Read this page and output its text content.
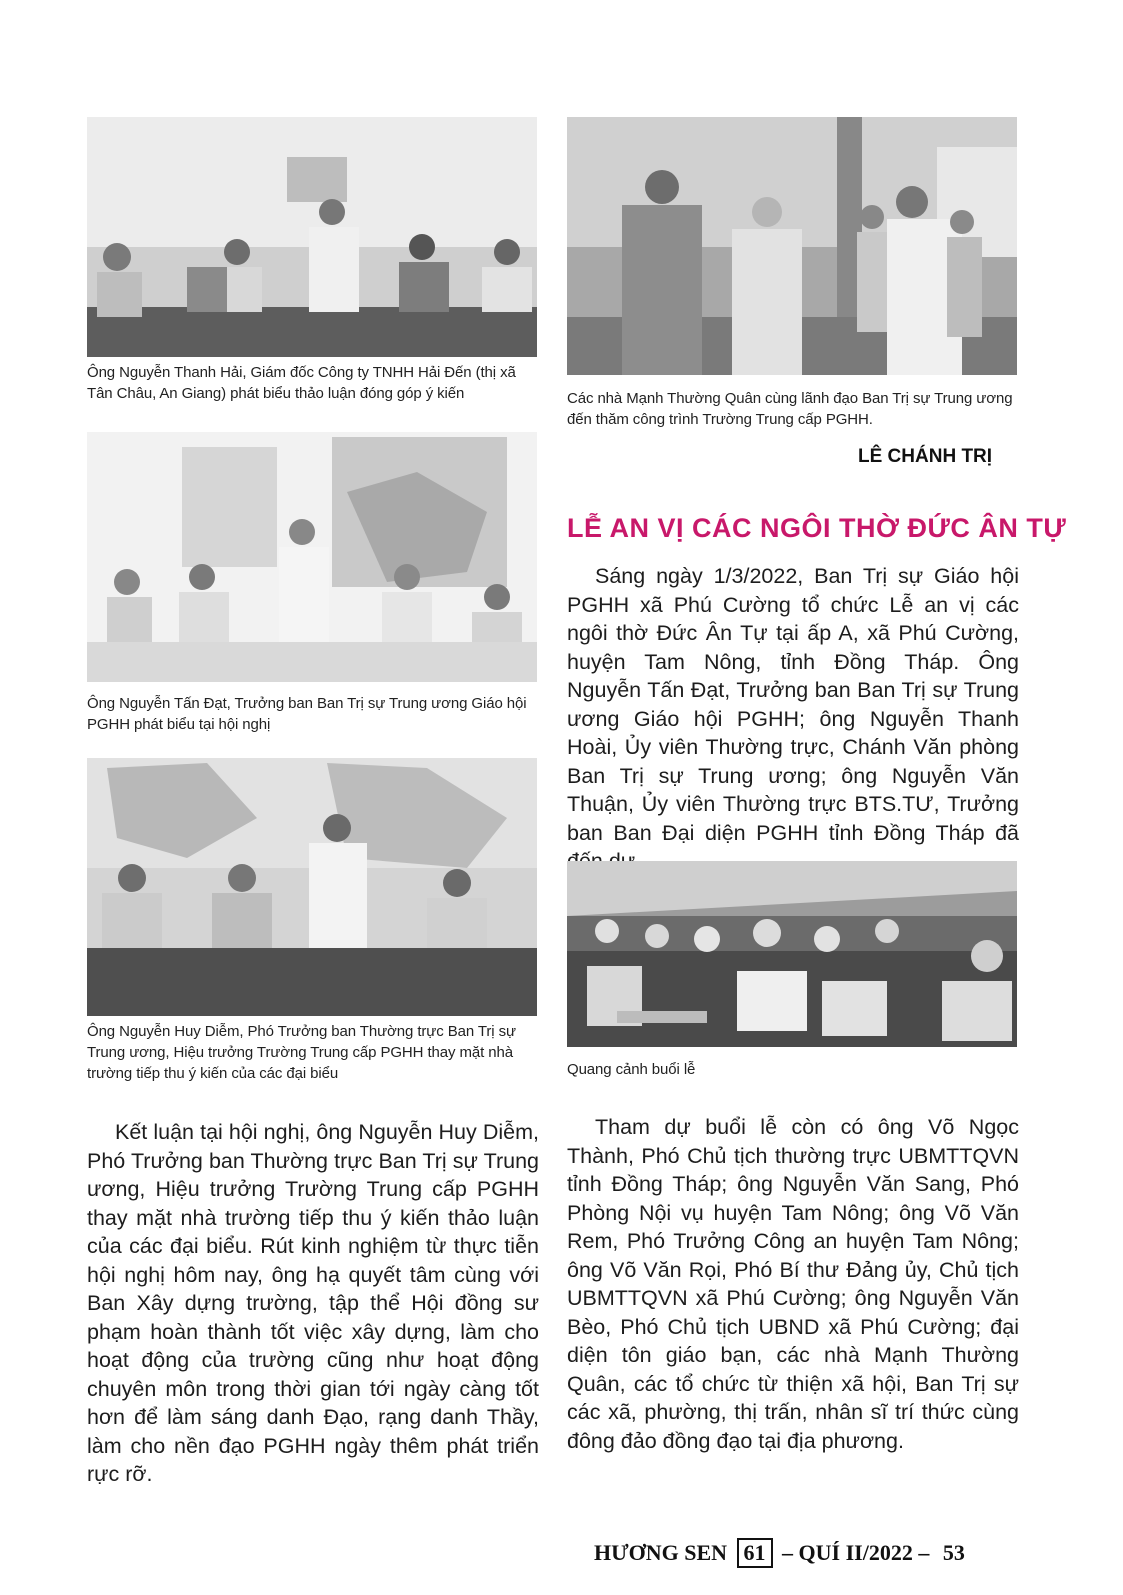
Ông Nguyễn Thanh Hải, Giám đốc Công ty TNHH Hải Đến (thị xã Tân Châu, An Giang) phát biểu thảo luận đóng góp ý kiến
Ông Nguyễn Tấn Đạt, Trưởng ban Ban Trị sự Trung ương Giáo hội PGHH phát biểu tại hội nghị
Ông Nguyễn Huy Diễm, Phó Trưởng ban Thường trực Ban Trị sự Trung ương, Hiệu trưởng Trường Trung cấp PGHH thay mặt nhà trường tiếp thu ý kiến của các đại biểu

Kết luận tại hội nghị, ông Nguyễn Huy Diễm, Phó Trưởng ban Thường trực Ban Trị sự Trung ương, Hiệu trưởng Trường Trung cấp PGHH thay mặt nhà trường tiếp thu ý kiến thảo luận của các đại biểu. Rút kinh nghiệm từ thực tiễn hội nghị hôm nay, ông hạ quyết tâm cùng với Ban Xây dựng trường, tập thể Hội đồng sư phạm hoàn thành tốt việc xây dựng, làm cho hoạt động của trường cũng như hoạt động chuyên môn trong thời gian tới ngày càng tốt hơn để làm sáng danh Đạo, rạng danh Thầy, làm cho nền đạo PGHH ngày thêm phát triển rực rỡ.

Các nhà Mạnh Thường Quân cùng lãnh đạo Ban Trị sự Trung ương đến thăm công trình Trường Trung cấp PGHH.
LÊ CHÁNH TRỊ
LỄ AN VỊ CÁC NGÔI THỜ ĐỨC ÂN TỰ

Sáng ngày 1/3/2022, Ban Trị sự Giáo hội PGHH xã Phú Cường tổ chức Lễ an vị các ngôi thờ Đức Ân Tự tại ấp A, xã Phú Cường, huyện Tam Nông, tỉnh Đồng Tháp. Ông Nguyễn Tấn Đạt, Trưởng ban Ban Trị sự Trung ương Giáo hội PGHH; ông Nguyễn Thanh Hoài, Ủy viên Thường trực, Chánh Văn phòng Ban Trị sự Trung ương; ông Nguyễn Văn Thuận, Ủy viên Thường trực BTS.TƯ, Trưởng ban Ban Đại diện PGHH tỉnh Đồng Tháp đã

Quang cảnh buổi lễ

Tham dự buổi lễ còn có ông Võ Ngọc Thành, Phó Chủ tịch thường trực UBMTTQVN tỉnh Đồng Tháp; ông Nguyễn Văn Sang, Phó Phòng Nội vụ huyện Tam Nông; ông Võ Văn Rem, Phó Trưởng Công an huyện Tam Nông; ông Võ Văn Rọi, Phó Bí thư Đảng ủy, Chủ tịch UBMTTQVN xã Phú Cường; ông Nguyễn Văn Bèo, Phó Chủ tịch UBND xã Phú Cường; đại diện tôn giáo bạn, các nhà Mạnh Thường Quân, các tổ chức từ thiện xã hội, Ban Trị sự các xã, phường, thị trấn, nhân sĩ trí thức cùng đông đảo đồng đạo tại địa phương.

HƯƠNG SEN 61 – QUÍ II/2022 – 53
